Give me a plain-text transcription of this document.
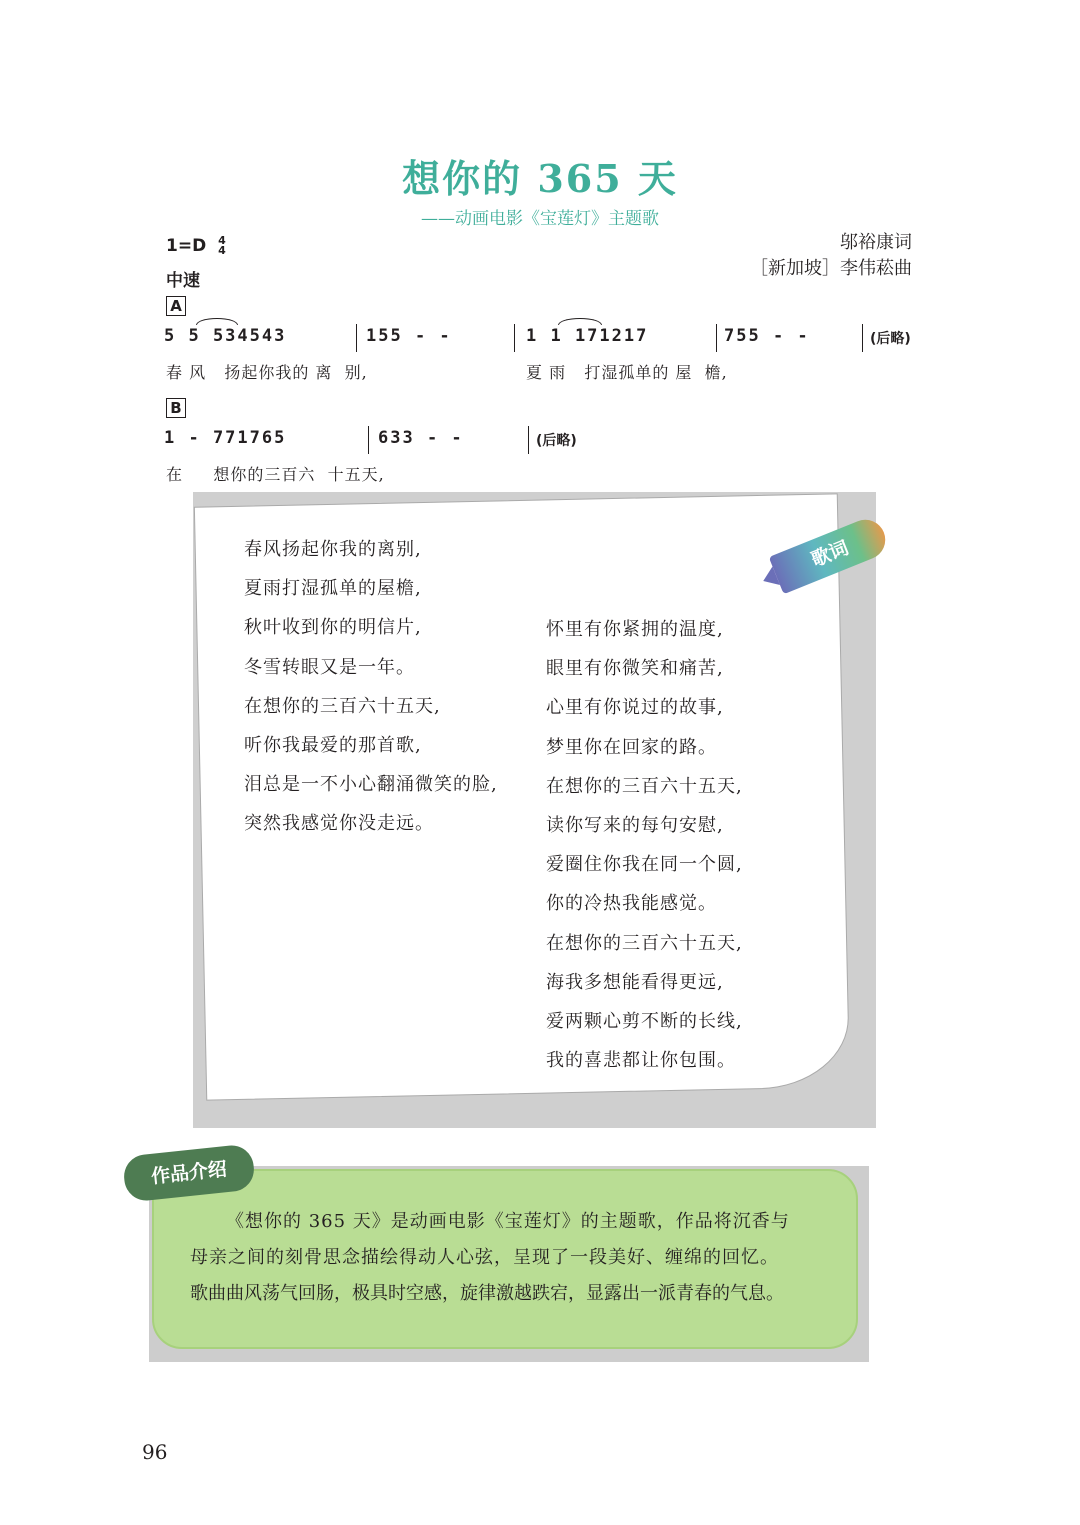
想你的 365 天
——动画电影《宝莲灯》主题歌
邬裕康词
［新加坡］李伟菘曲
1=D 4
4
中速
A
5 5 534543	155 - -	1 1 171217	755 - -	(后略)
春 风   扬起你我的 离  别,	夏 雨   打湿孤单的 屋  檐,
B
1 - 771765	633 - -	(后略)
在     想你的三百六  十五天,
歌词
春风扬起你我的离别,
夏雨打湿孤单的屋檐,
秋叶收到你的明信片,
冬雪转眼又是一年。
在想你的三百六十五天,
听你我最爱的那首歌,
泪总是一不小心翻涌微笑的脸,
突然我感觉你没走远。
怀里有你紧拥的温度,
眼里有你微笑和痛苦,
心里有你说过的故事,
梦里你在回家的路。
在想你的三百六十五天,
读你写来的每句安慰,
爱圈住你我在同一个圆,
你的冷热我能感觉。
在想你的三百六十五天,
海我多想能看得更远,
爱两颗心剪不断的长线,
我的喜悲都让你包围。
作品介绍
《想你的 365 天》是动画电影《宝莲灯》的主题歌，作品将沉香与
母亲之间的刻骨思念描绘得动人心弦，呈现了一段美好、缠绵的回忆。
歌曲曲风荡气回肠，极具时空感，旋律激越跌宕，显露出一派青春的气息。
96
